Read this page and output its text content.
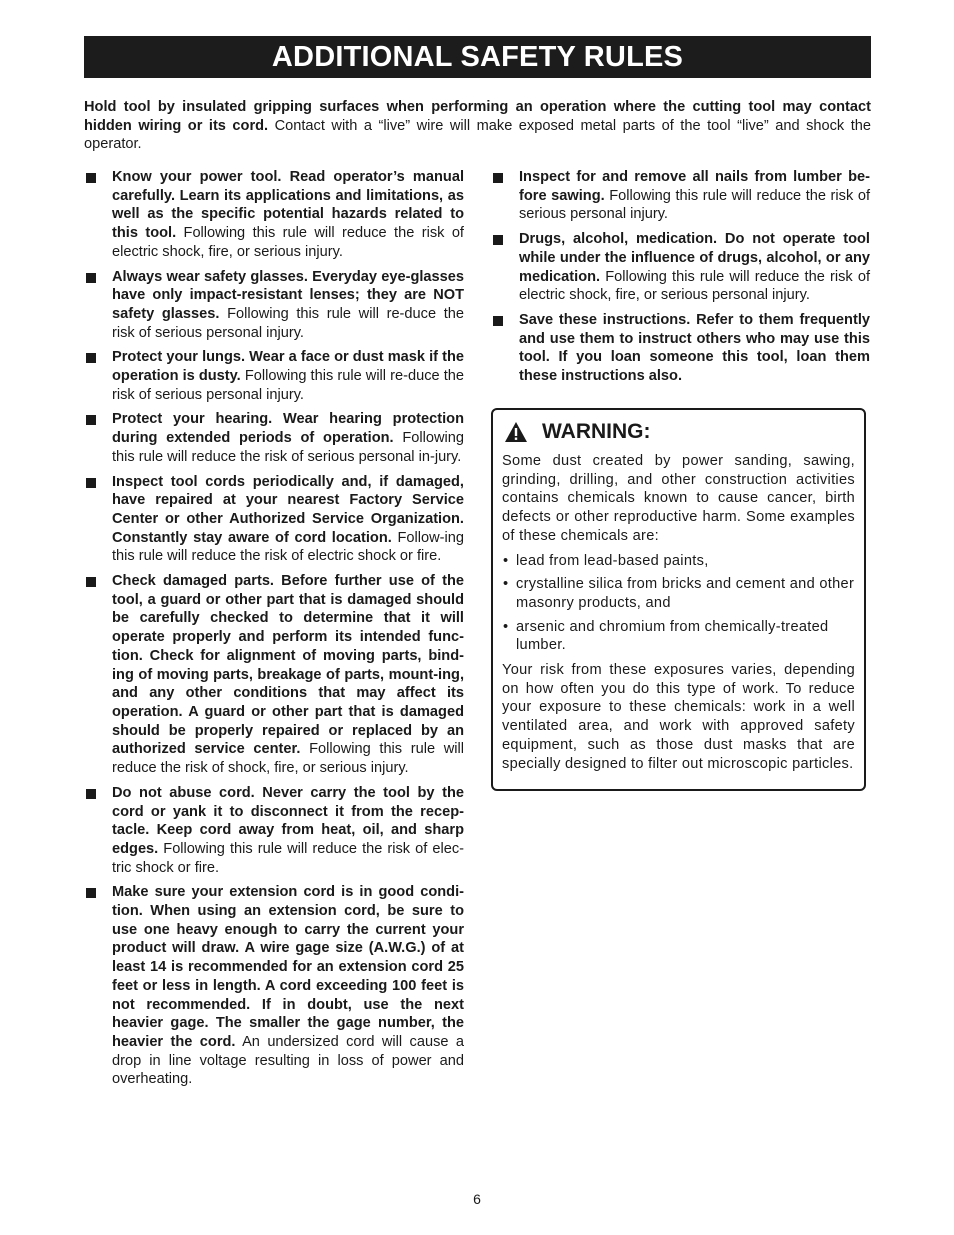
ADDITIONAL SAFETY RULES
Hold tool by insulated gripping surfaces when performing an operation where the cutting tool may contact hidden wiring or its cord. Contact with a “live” wire will make exposed metal parts of the tool “live” and shock the operator.
Know your power tool. Read operator’s manual carefully. Learn its applications and limitations, as well as the specific potential hazards related to this tool. Following this rule will reduce the risk of electric shock, fire, or serious injury.
Always wear safety glasses. Everyday eye-glasses have only impact-resistant lenses; they are NOT safety glasses. Following this rule will re-duce the risk of serious personal injury.
Protect your lungs. Wear a face or dust mask if the operation is dusty. Following this rule will re-duce the risk of serious personal injury.
Protect your hearing. Wear hearing protection during extended periods of operation. Following this rule will reduce the risk of serious personal in-jury.
Inspect tool cords periodically and, if damaged, have repaired at your nearest Factory Service Center or other Authorized Service Organization. Constantly stay aware of cord location. Follow-ing this rule will reduce the risk of electric shock or fire.
Check damaged parts. Before further use of the tool, a guard or other part that is damaged should be carefully checked to determine that it will operate properly and perform its intended func-tion. Check for alignment of moving parts, bind-ing of moving parts, breakage of parts, mount-ing, and any other conditions that may affect its operation. A guard or other part that is damaged should be properly repaired or replaced by an authorized service center. Following this rule will reduce the risk of shock, fire, or serious injury.
Do not abuse cord. Never carry the tool by the cord or yank it to disconnect it from the recep-tacle. Keep cord away from heat, oil, and sharp edges. Following this rule will reduce the risk of elec-tric shock or fire.
Make sure your extension cord is in good condi-tion. When using an extension cord, be sure to use one heavy enough to carry the current your product will draw. A wire gage size (A.W.G.) of at least 14 is recommended for an extension cord 25 feet or less in length. A cord exceeding 100 feet is not recommended. If in doubt, use the next heavier gage. The smaller the gage number, the heavier the cord. An undersized cord will cause a drop in line voltage resulting in loss of power and overheating.
Inspect for and remove all nails from lumber be-fore sawing. Following this rule will reduce the risk of serious personal injury.
Drugs, alcohol, medication. Do not operate tool while under the influence of drugs, alcohol, or any medication. Following this rule will reduce the risk of electric shock, fire, or serious personal injury.
Save these instructions. Refer to them frequently and use them to instruct others who may use this tool. If you loan someone this tool, loan them these instructions also.
WARNING:

Some dust created by power sanding, sawing, grinding, drilling, and other construction activities contains chemicals known to cause cancer, birth defects or other reproductive harm. Some examples of these chemicals are:

• lead from lead-based paints,
• crystalline silica from bricks and cement and other masonry products, and
• arsenic and chromium from chemically-treated lumber.

Your risk from these exposures varies, depending on how often you do this type of work. To reduce your exposure to these chemicals: work in a well ventilated area, and work with approved safety equipment, such as those dust masks that are specially designed to filter out microscopic particles.

6
